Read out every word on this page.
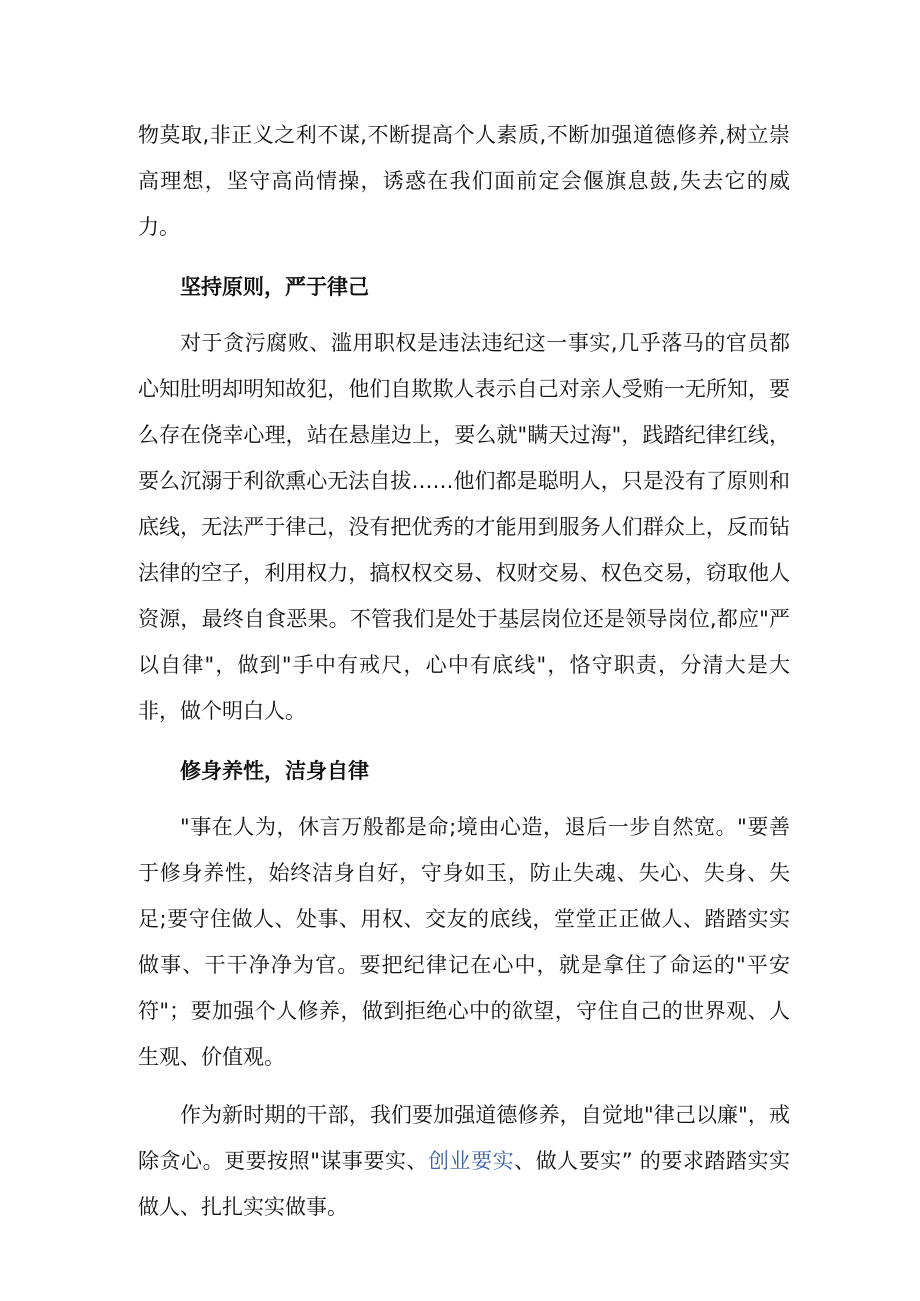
物莫取,非正义之利不谋,不断提高个人素质,不断加强道德修养,树立崇高理想，坚守高尚情操，诱惑在我们面前定会偃旗息鼓,失去它的威力。

坚持原则，严于律己

对于贪污腐败、滥用职权是违法违纪这一事实,几乎落马的官员都心知肚明却明知故犯，他们自欺欺人表示自己对亲人受贿一无所知，要么存在侥幸心理，站在悬崖边上，要么就"瞒天过海"，践踏纪律红线，要么沉溺于利欲熏心无法自拔……他们都是聪明人，只是没有了原则和底线，无法严于律己，没有把优秀的才能用到服务人们群众上，反而钻法律的空子，利用权力，搞权权交易、权财交易、权色交易，窃取他人资源，最终自食恶果。不管我们是处于基层岗位还是领导岗位,都应"严以自律"，做到"手中有戒尺，心中有底线"，恪守职责，分清大是大非，做个明白人。

修身养性，洁身自律

"事在人为，休言万般都是命;境由心造，退后一步自然宽。"要善于修身养性，始终洁身自好，守身如玉，防止失魂、失心、失身、失足;要守住做人、处事、用权、交友的底线，堂堂正正做人、踏踏实实做事、干干净净为官。要把纪律记在心中，就是拿住了命运的"平安符"；要加强个人修养，做到拒绝心中的欲望，守住自己的世界观、人生观、价值观。

作为新时期的干部，我们要加强道德修养，自觉地"律己以廉"，戒除贪心。更要按照"谋事要实、创业要实、做人要实” 的要求踏踏实实做人、扎扎实实做事。
